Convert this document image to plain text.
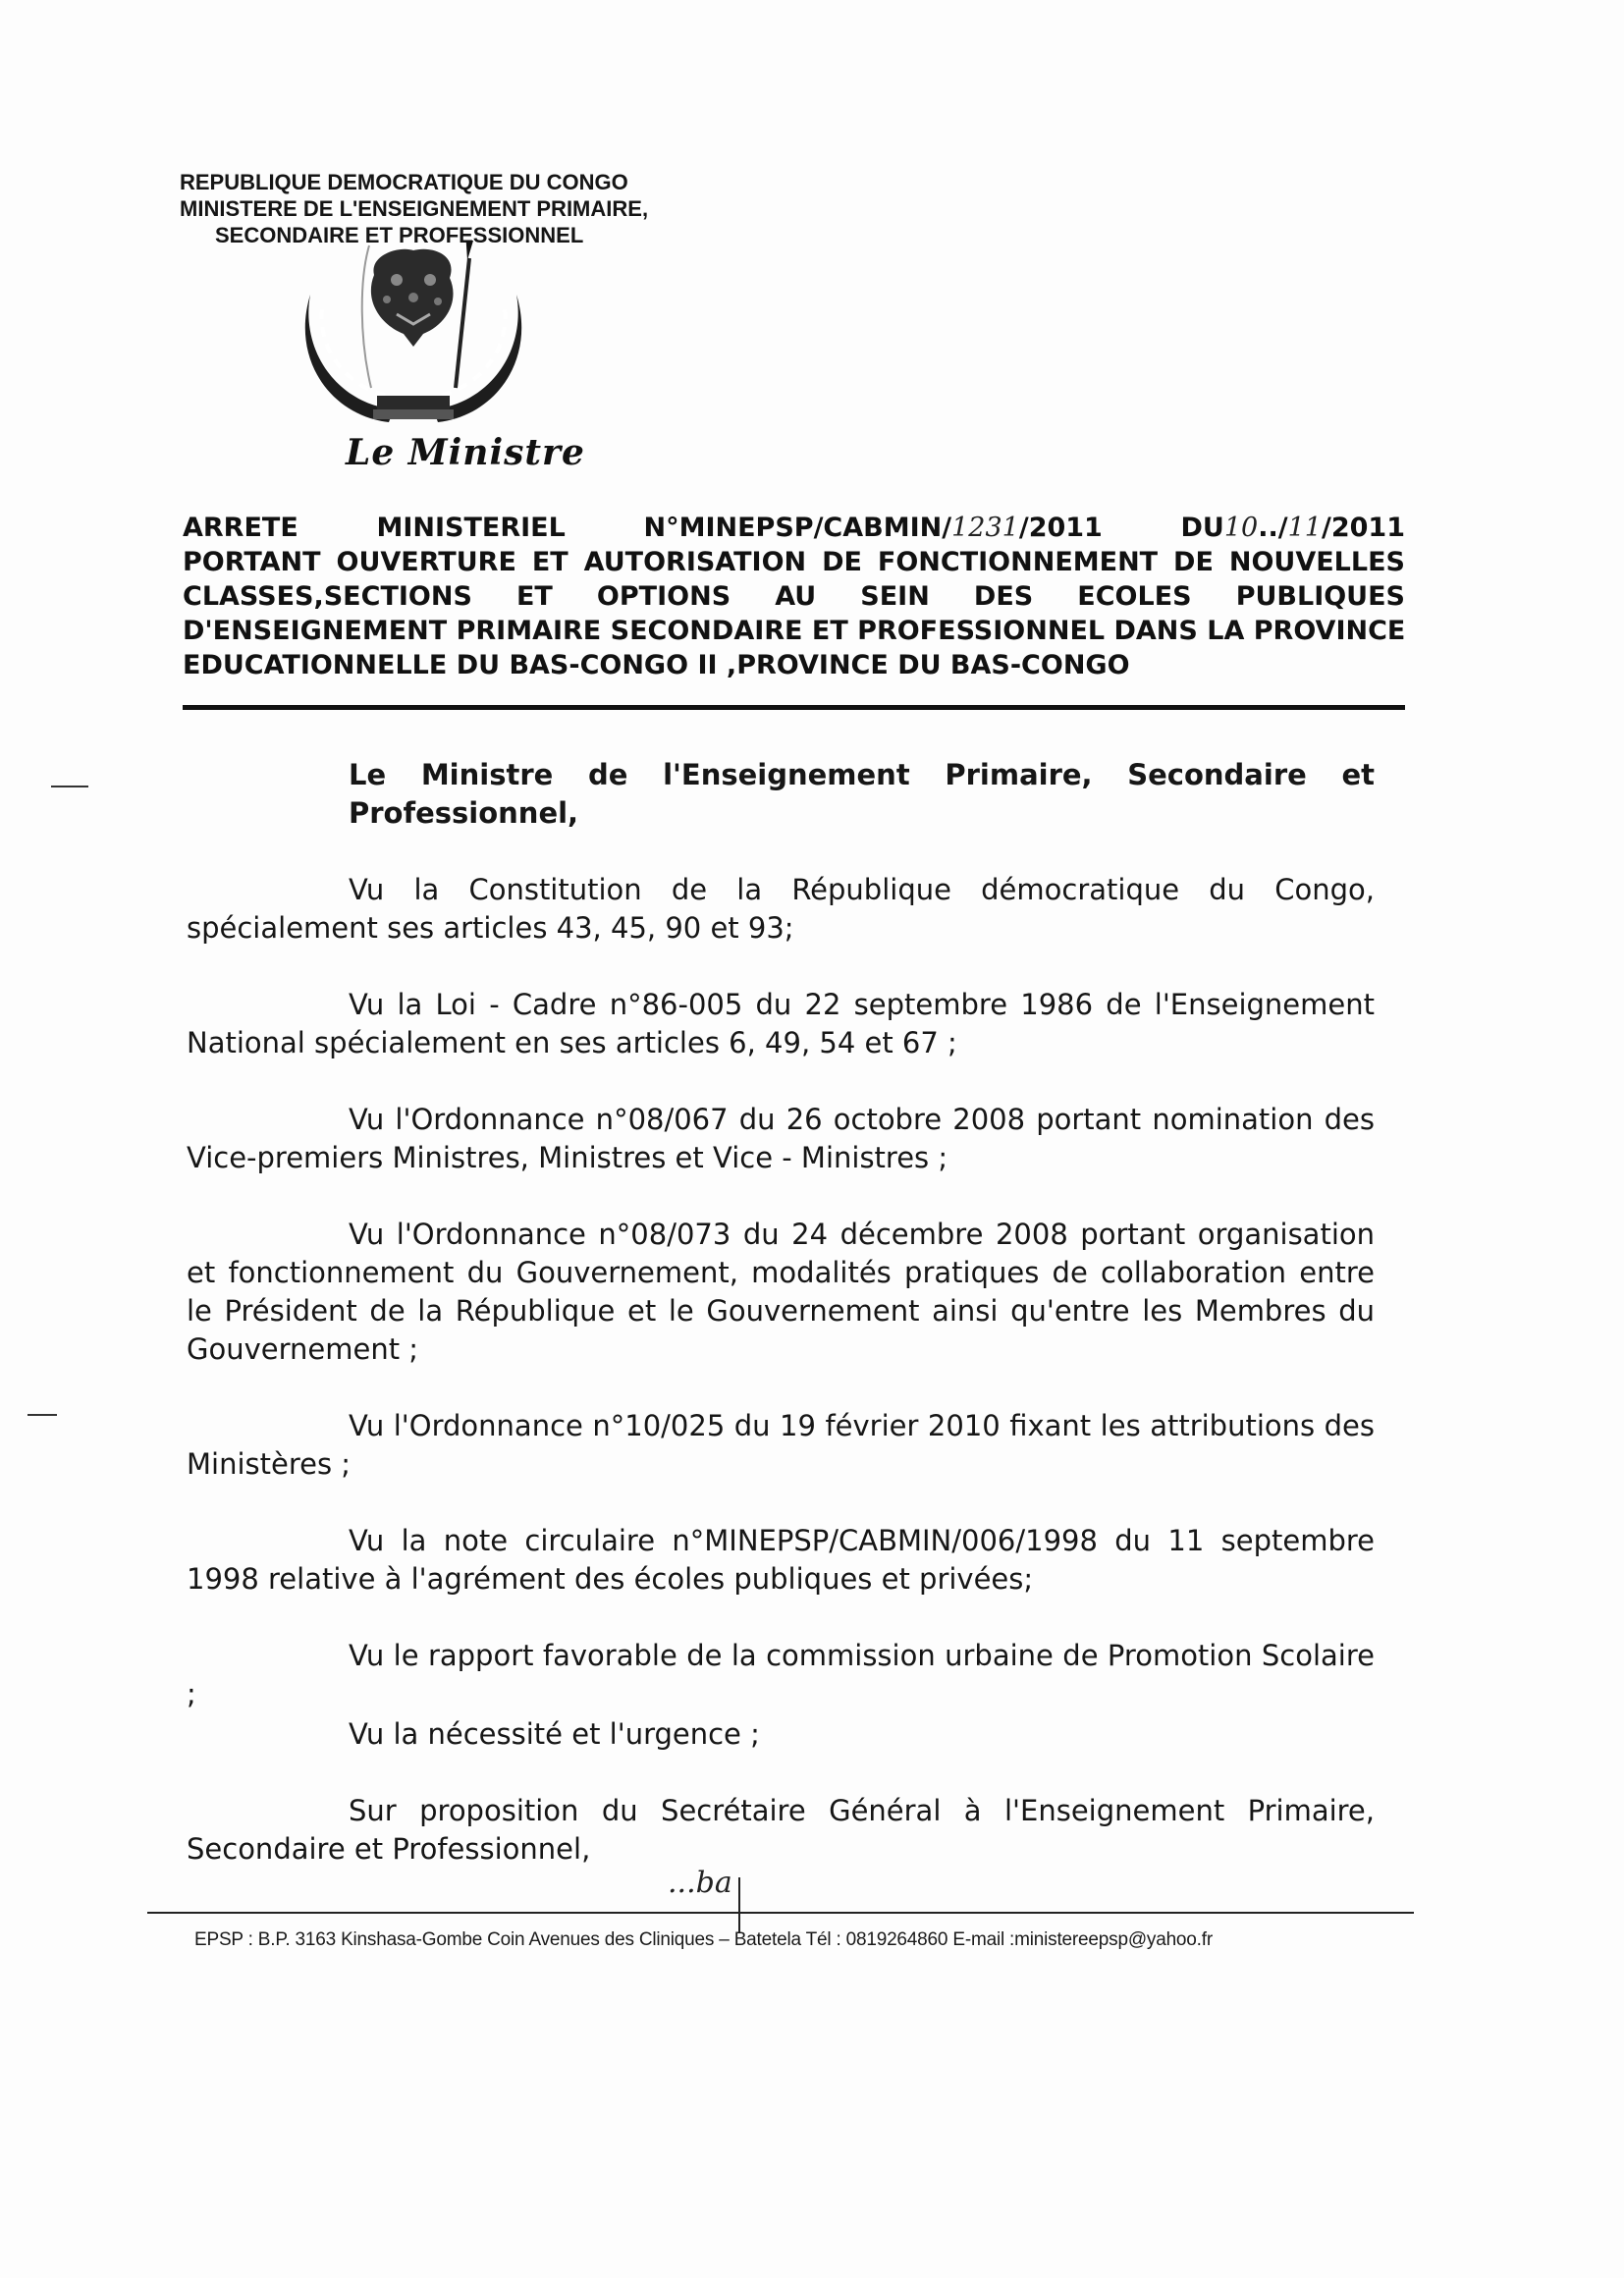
REPUBLIQUE DEMOCRATIQUE DU CONGO
MINISTERE DE L'ENSEIGNEMENT PRIMAIRE,
SECONDAIRE ET PROFESSIONNEL
Le Ministre
ARRETE	MINISTERIEL	N°MINEPSP/CABMIN/1231/2011	DU10../11/2011
PORTANT OUVERTURE ET AUTORISATION DE FONCTIONNEMENT DE NOUVELLES
CLASSES,SECTIONS ET OPTIONS AU SEIN DES ECOLES PUBLIQUES
D'ENSEIGNEMENT PRIMAIRE SECONDAIRE ET PROFESSIONNEL DANS LA PROVINCE
EDUCATIONNELLE DU BAS-CONGO II ,PROVINCE DU BAS-CONGO
Le Ministre de l'Enseignement Primaire, Secondaire et Professionnel,
Vu la Constitution de la République démocratique du Congo, spécialement ses articles 43, 45, 90 et 93;
Vu la Loi - Cadre n°86-005 du 22 septembre 1986 de l'Enseignement National spécialement en ses articles 6, 49, 54 et 67 ;
Vu l'Ordonnance n°08/067 du 26 octobre 2008 portant nomination des Vice-premiers Ministres, Ministres et Vice - Ministres ;
Vu l'Ordonnance n°08/073 du 24 décembre 2008 portant organisation et fonctionnement du Gouvernement, modalités pratiques de collaboration entre le Président de la République et le Gouvernement ainsi qu'entre les Membres du Gouvernement ;
Vu l'Ordonnance n°10/025 du 19 février 2010 fixant les attributions des Ministères ;
Vu la note circulaire n°MINEPSP/CABMIN/006/1998 du 11 septembre 1998 relative à l'agrément des écoles publiques et privées;
Vu le rapport favorable de la commission urbaine de Promotion Scolaire ;
Vu la nécessité et l'urgence ;
Sur proposition du Secrétaire Général à l'Enseignement Primaire, Secondaire et Professionnel,
...ba
EPSP : B.P. 3163 Kinshasa-Gombe Coin Avenues des Cliniques – Batetela Tél : 0819264860 E-mail :ministereepsp@yahoo.fr
